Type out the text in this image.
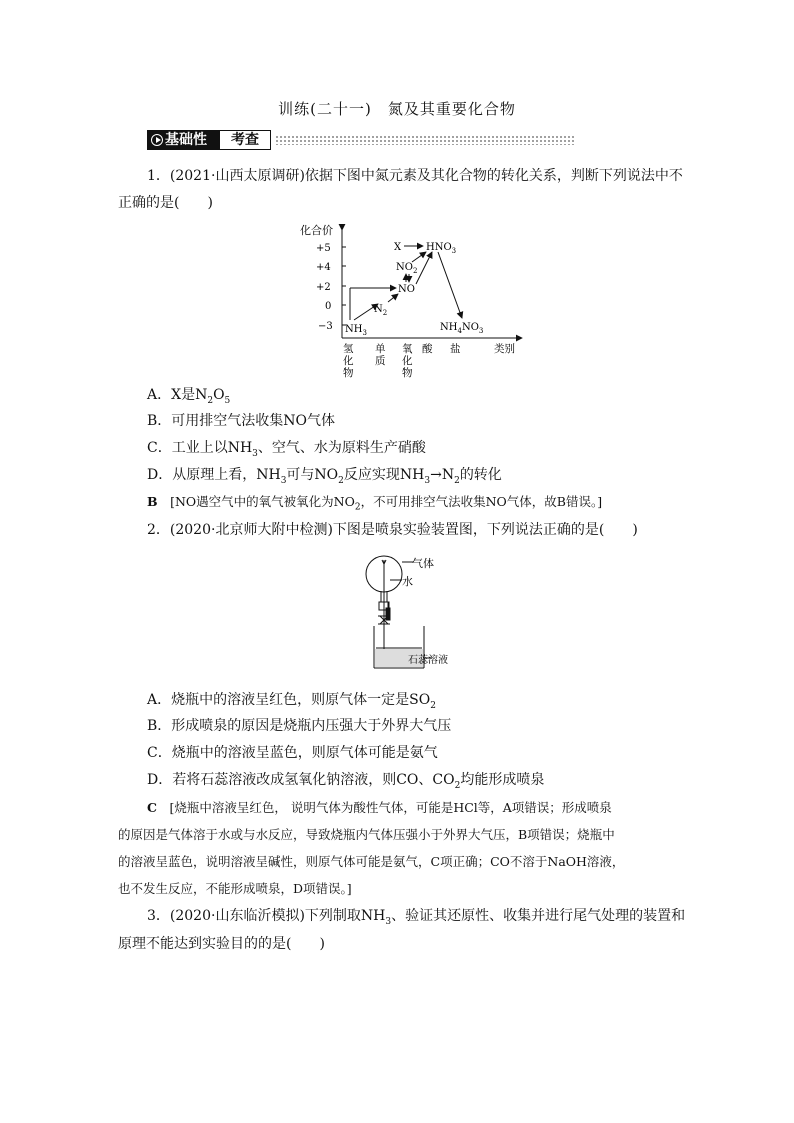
训练(二十一)　氮及其重要化合物
基础性	考查
1．(2021·山西太原调研)依据下图中氮元素及其化合物的转化关系，判断下列说法中不
正确的是(　　)
化合价
+5
+4
+2
0
−3
氢化物
单质
氧化物
酸 盐	类别
X $HNO_3$
$NO_2$
NO
$N_2$
$NH_3$	$NH_4NO_3$
A．X是$N_2O_5$
B．可用排空气法收集NO气体
C．工业上以$NH_3$、空气、水为原料生产硝酸
D．从原理上看，$NH_3$可与$NO_2$反应实现$NH_3\to N_2$的转化
B　 [NO遇空气中的氧气被氧化为$NO_2$，不可用排空气法收集NO气体，故B错误。]
2．(2020·北京师大附中检测)下图是喷泉实验装置图，下列说法正确的是(　　)
气体
水
石蕊溶液
A．烧瓶中的溶液呈红色，则原气体一定是$SO_2$
B．形成喷泉的原因是烧瓶内压强大于外界大气压
C．烧瓶中的溶液呈蓝色，则原气体可能是氨气
D．若将石蕊溶液改成氢氧化钠溶液，则CO、$CO_2$均能形成喷泉
C　 [烧瓶中溶液呈红色， 说明气体为酸性气体，可能是HCl等，A项错误；形成喷泉
的原因是气体溶于水或与水反应，导致烧瓶内气体压强小于外界大气压，B项错误；烧瓶中
的溶液呈蓝色，说明溶液呈碱性，则原气体可能是氨气，C项正确；CO不溶于NaOH溶液，
也不发生反应，不能形成喷泉，D项错误。]
3．(2020·山东临沂模拟)下列制取$NH_3$、验证其还原性、收集并进行尾气处理的装置和
原理不能达到实验目的的是(　　)
